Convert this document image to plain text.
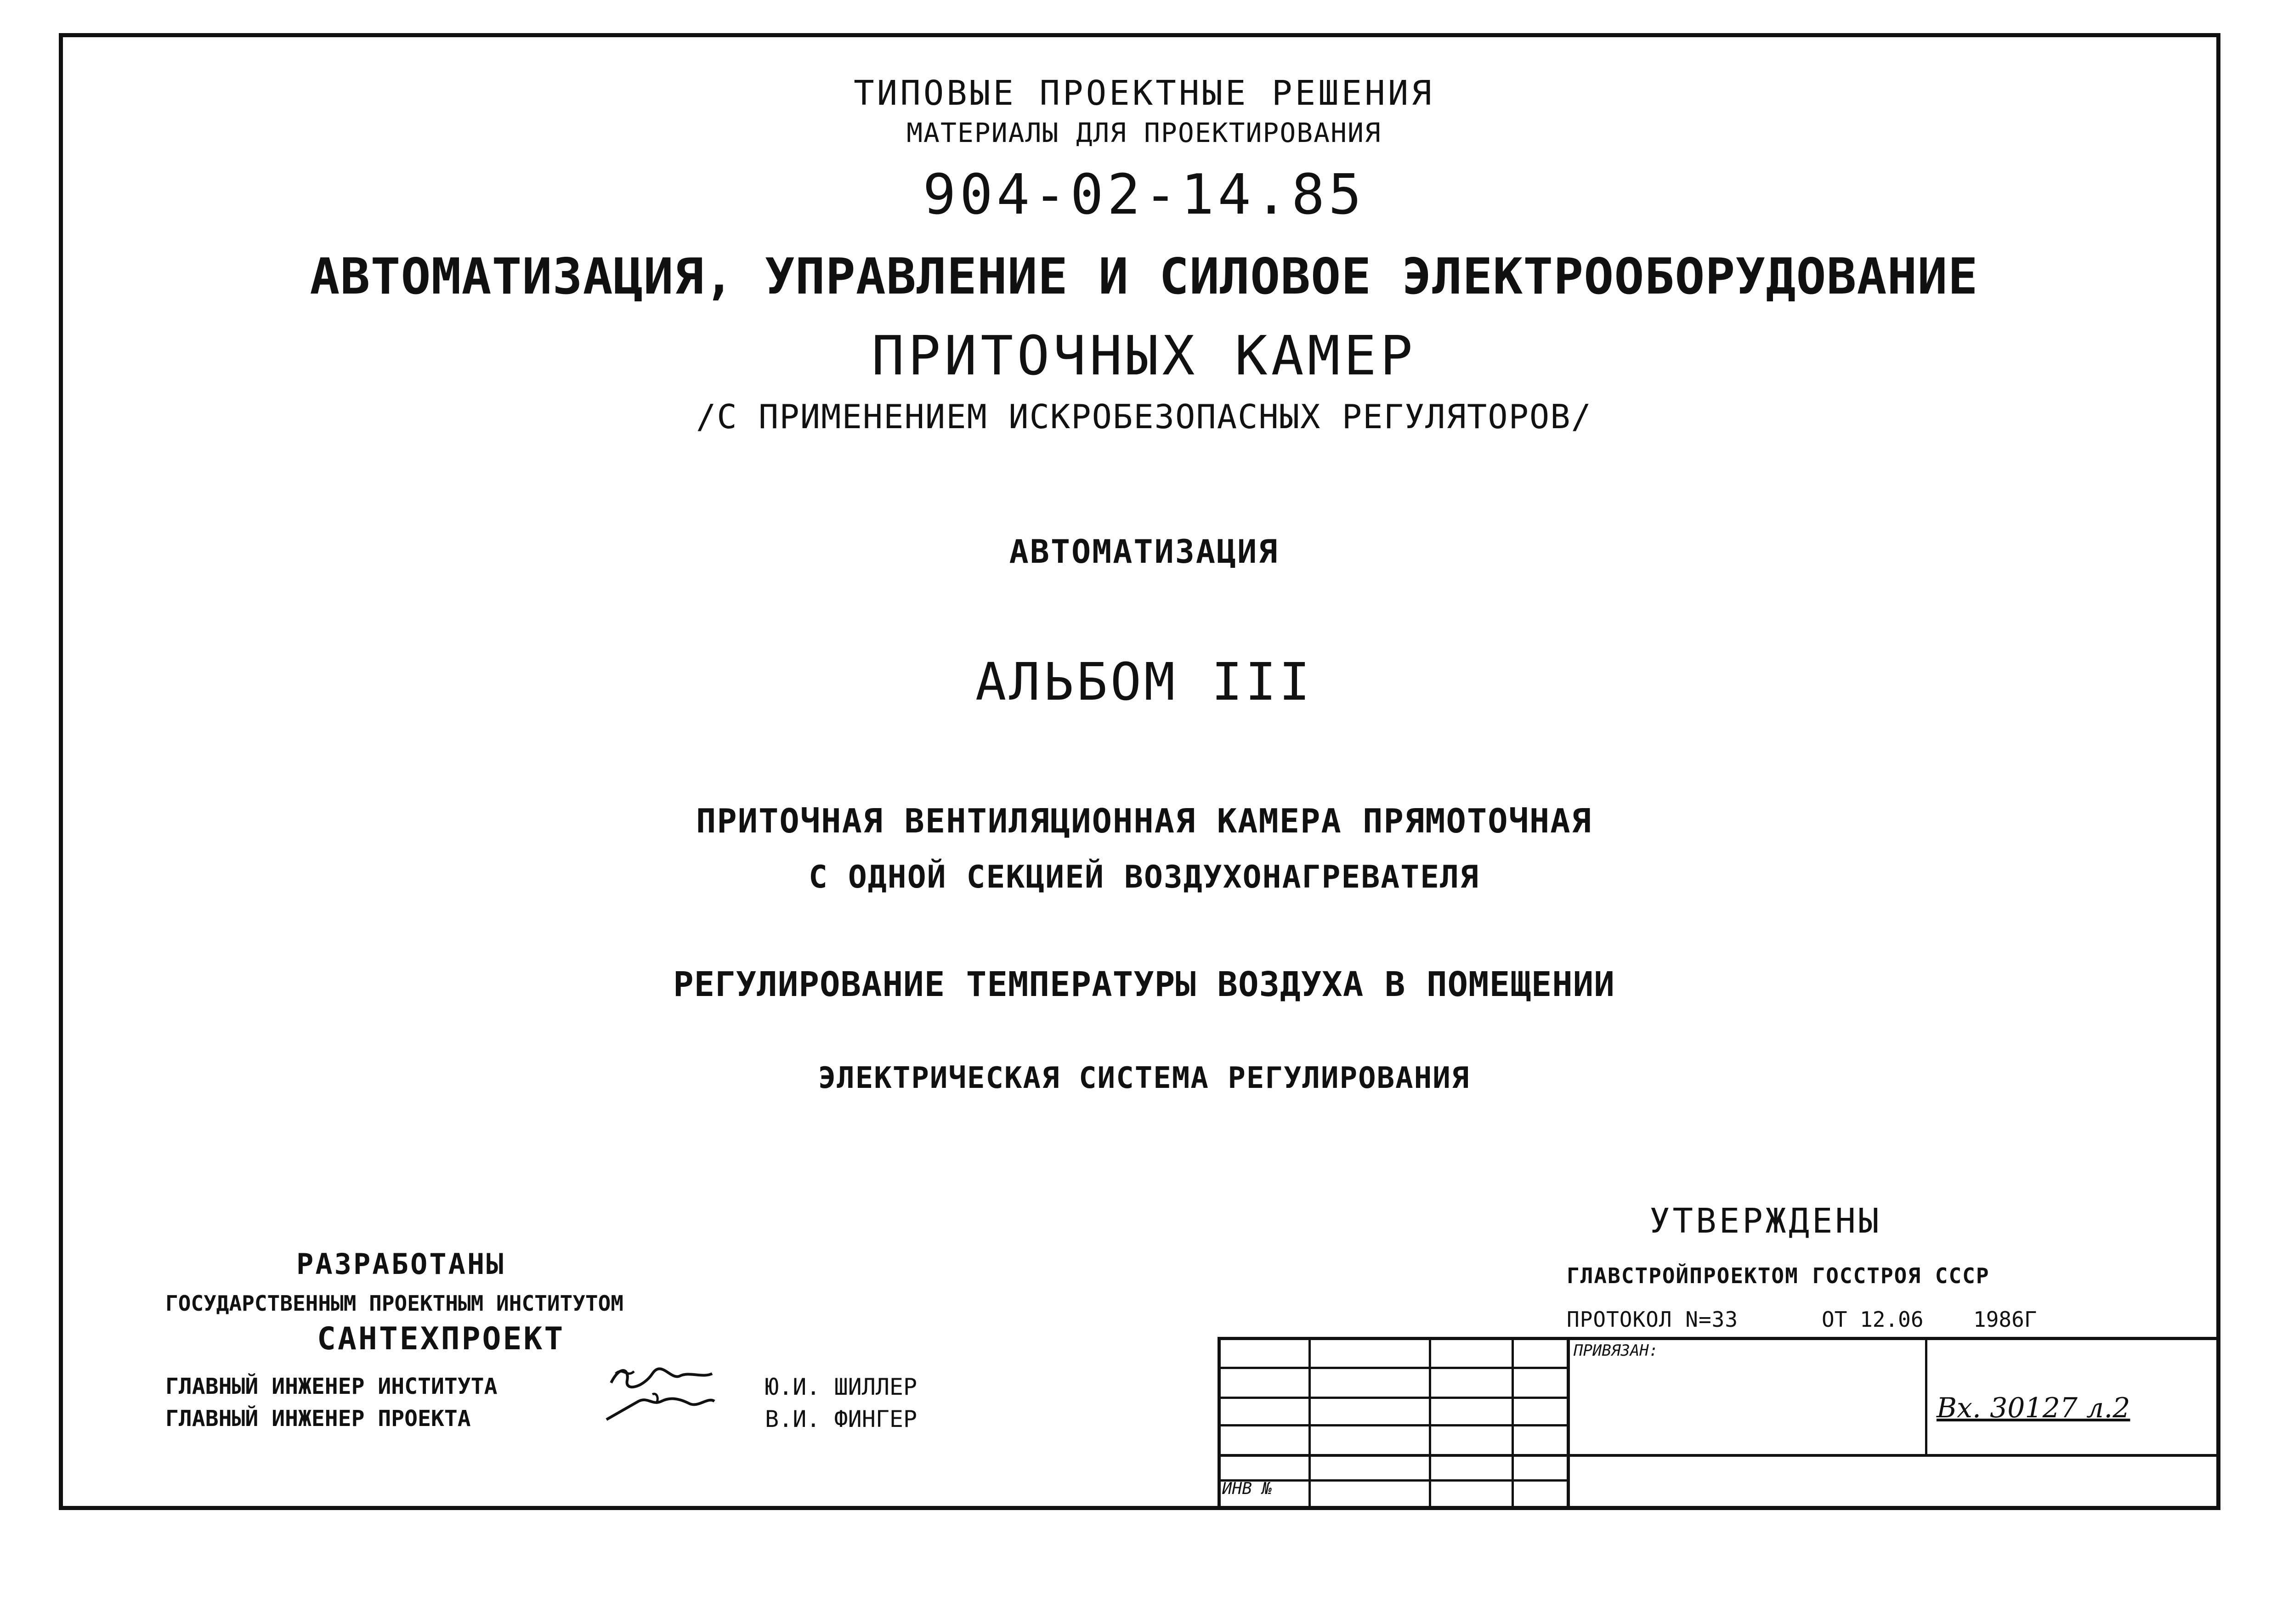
ТИПОВЫЕ ПРОЕКТНЫЕ РЕШЕНИЯ
МАТЕРИАЛЫ ДЛЯ ПРОЕКТИРОВАНИЯ
904-02-14.85
АВТОМАТИЗАЦИЯ, УПРАВЛЕНИЕ И СИЛОВОЕ ЭЛЕКТРООБОРУДОВАНИЕ
ПРИТОЧНЫХ КАМЕР
/С ПРИМЕНЕНИЕМ ИСКРОБЕЗОПАСНЫХ РЕГУЛЯТОРОВ/
АВТОМАТИЗАЦИЯ
АЛЬБОМ III
ПРИТОЧНАЯ ВЕНТИЛЯЦИОННАЯ КАМЕРА ПРЯМОТОЧНАЯ
С ОДНОЙ СЕКЦИЕЙ ВОЗДУХОНАГРЕВАТЕЛЯ
РЕГУЛИРОВАНИЕ ТЕМПЕРАТУРЫ ВОЗДУХА В ПОМЕЩЕНИИ
ЭЛЕКТРИЧЕСКАЯ СИСТЕМА РЕГУЛИРОВАНИЯ
РАЗРАБОТАНЫ
ГОСУДАРСТВЕННЫМ ПРОЕКТНЫМ ИНСТИТУТОМ
САНТЕХПРОЕКТ
ГЛАВНЫЙ ИНЖЕНЕР ИНСТИТУТА
ГЛАВНЫЙ ИНЖЕНЕР ПРОЕКТА
Ю.И. ШИЛЛЕР
В.И. ФИНГЕР
УТВЕРЖДЕНЫ
ГЛАВСТРОЙПРОЕКТОМ ГОССТРОЯ СССР
ПРОТОКОЛ N=33	ОТ 12.06 1986Г
ПРИВЯЗАН:
ИНВ №
Вх. 30127 л.2
